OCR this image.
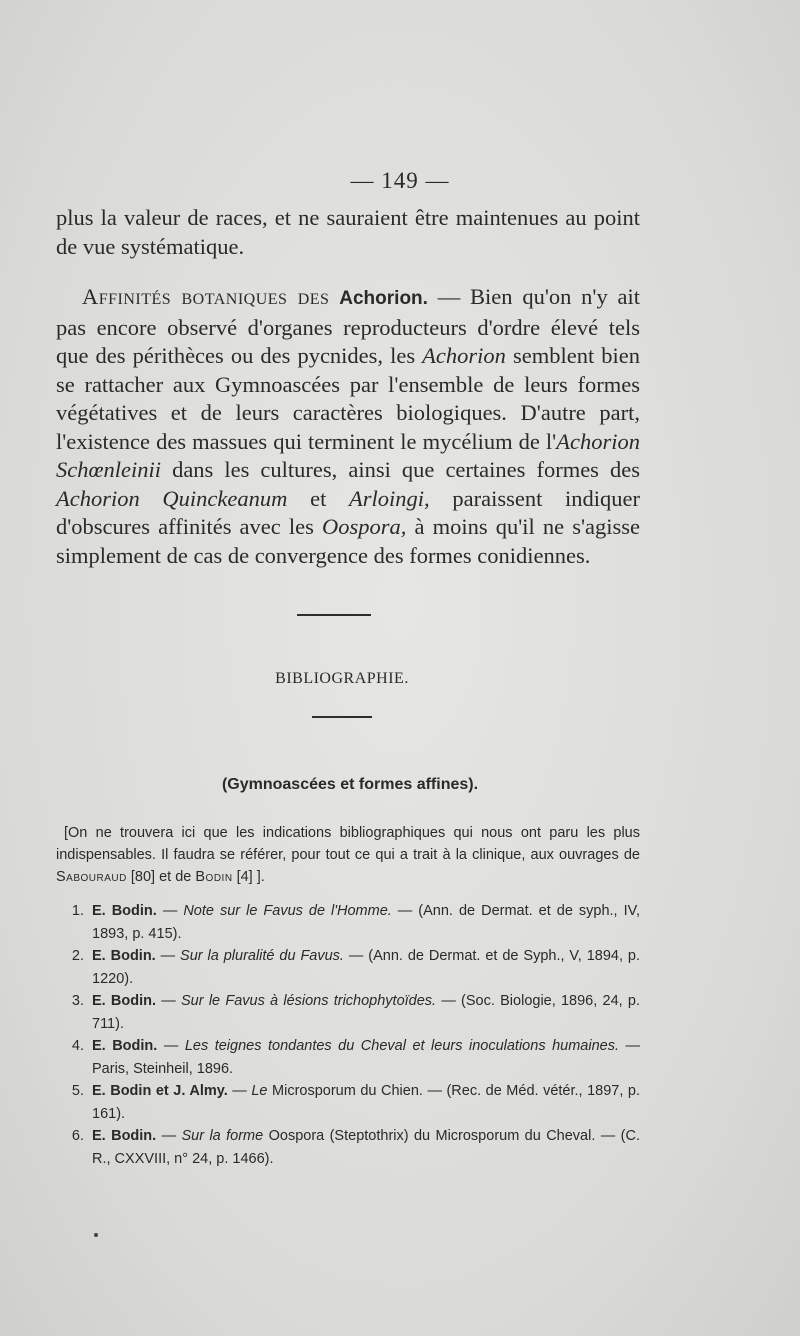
— 149 —
plus la valeur de races, et ne sauraient être maintenues au point de vue systématique.
Affinités botaniques des Achorion. — Bien qu'on n'y ait pas encore observé d'organes reproducteurs d'ordre élevé tels que des périthèces ou des pycnides, les Achorion semblent bien se rattacher aux Gymnoascées par l'ensemble de leurs formes végétatives et de leurs caractères biologiques. D'autre part, l'existence des massues qui terminent le mycélium de l'Achorion Schœnleinii dans les cultures, ainsi que certaines formes des Achorion Quinckeanum et Arloingi, paraissent indiquer d'obscures affinités avec les Oospora, à moins qu'il ne s'agisse simplement de cas de convergence des formes conidiennes.
BIBLIOGRAPHIE.
(Gymnoascées et formes affines).
[On ne trouvera ici que les indications bibliographiques qui nous ont paru les plus indispensables. Il faudra se référer, pour tout ce qui a trait à la clinique, aux ouvrages de Sabouraud [80] et de Bodin [4] ].
1. E. Bodin. — Note sur le Favus de l'Homme. — (Ann. de Dermat. et de syph., IV, 1893, p. 415).
2. E. Bodin. — Sur la pluralité du Favus. — (Ann. de Dermat. et de Syph., V, 1894, p. 1220).
3. E. Bodin. — Sur le Favus à lésions trichophytoïdes. — (Soc. Biologie, 1896, 24, p. 711).
4. E. Bodin. — Les teignes tondantes du Cheval et leurs inoculations humaines. — Paris, Steinheil, 1896.
5. E. Bodin et J. Almy. — Le Microsporum du Chien. — (Rec. de Méd. vétér., 1897, p. 161).
6. E. Bodin. — Sur la forme Oospora (Steptothrix) du Microsporum du Cheval. — (C. R., CXXVIII, n° 24, p. 1466).
